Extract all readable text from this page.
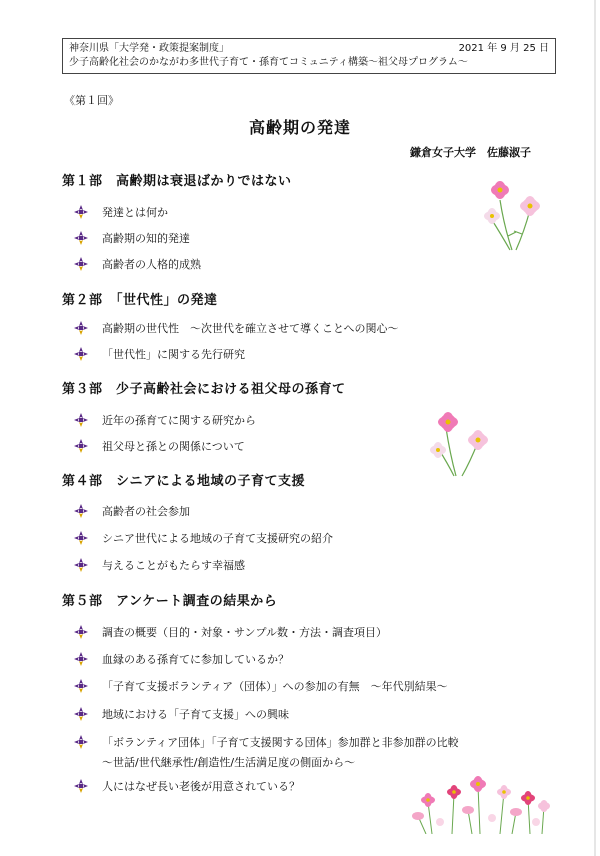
神奈川県「大学発・政策提案制度」	2021 年 9 月 25 日
少子高齢化社会のかながわ多世代子育て・孫育てコミュニティ構築～祖父母プログラム～
《第１回》
高齢期の発達
鎌倉女子大学　佐藤淑子
第１部　高齢期は衰退ばかりではない
発達とは何か
高齢期の知的発達
高齢者の人格的成熟
第２部　「世代性」の発達
高齢期の世代性　～次世代を確立させて導くことへの関心～
「世代性」に関する先行研究
第３部　少子高齢社会における祖父母の孫育て
近年の孫育てに関する研究から
祖父母と孫との関係について
第４部　シニアによる地域の子育て支援
高齢者の社会参加
シニア世代による地域の子育て支援研究の紹介
与えることがもたらす幸福感
第５部　アンケート調査の結果から
調査の概要（目的・対象・サンプル数・方法・調査項目）
血縁のある孫育てに参加しているか？
「子育て支援ボランティア（団体）」への参加の有無　～年代別結果～
地域における「子育て支援」への興味
「ボランティア団体」「子育て支援関する団体」参加群と非参加群の比較
～世話/世代継承性/創造性/生活満足度の側面から～
人にはなぜ長い老後が用意されている？
